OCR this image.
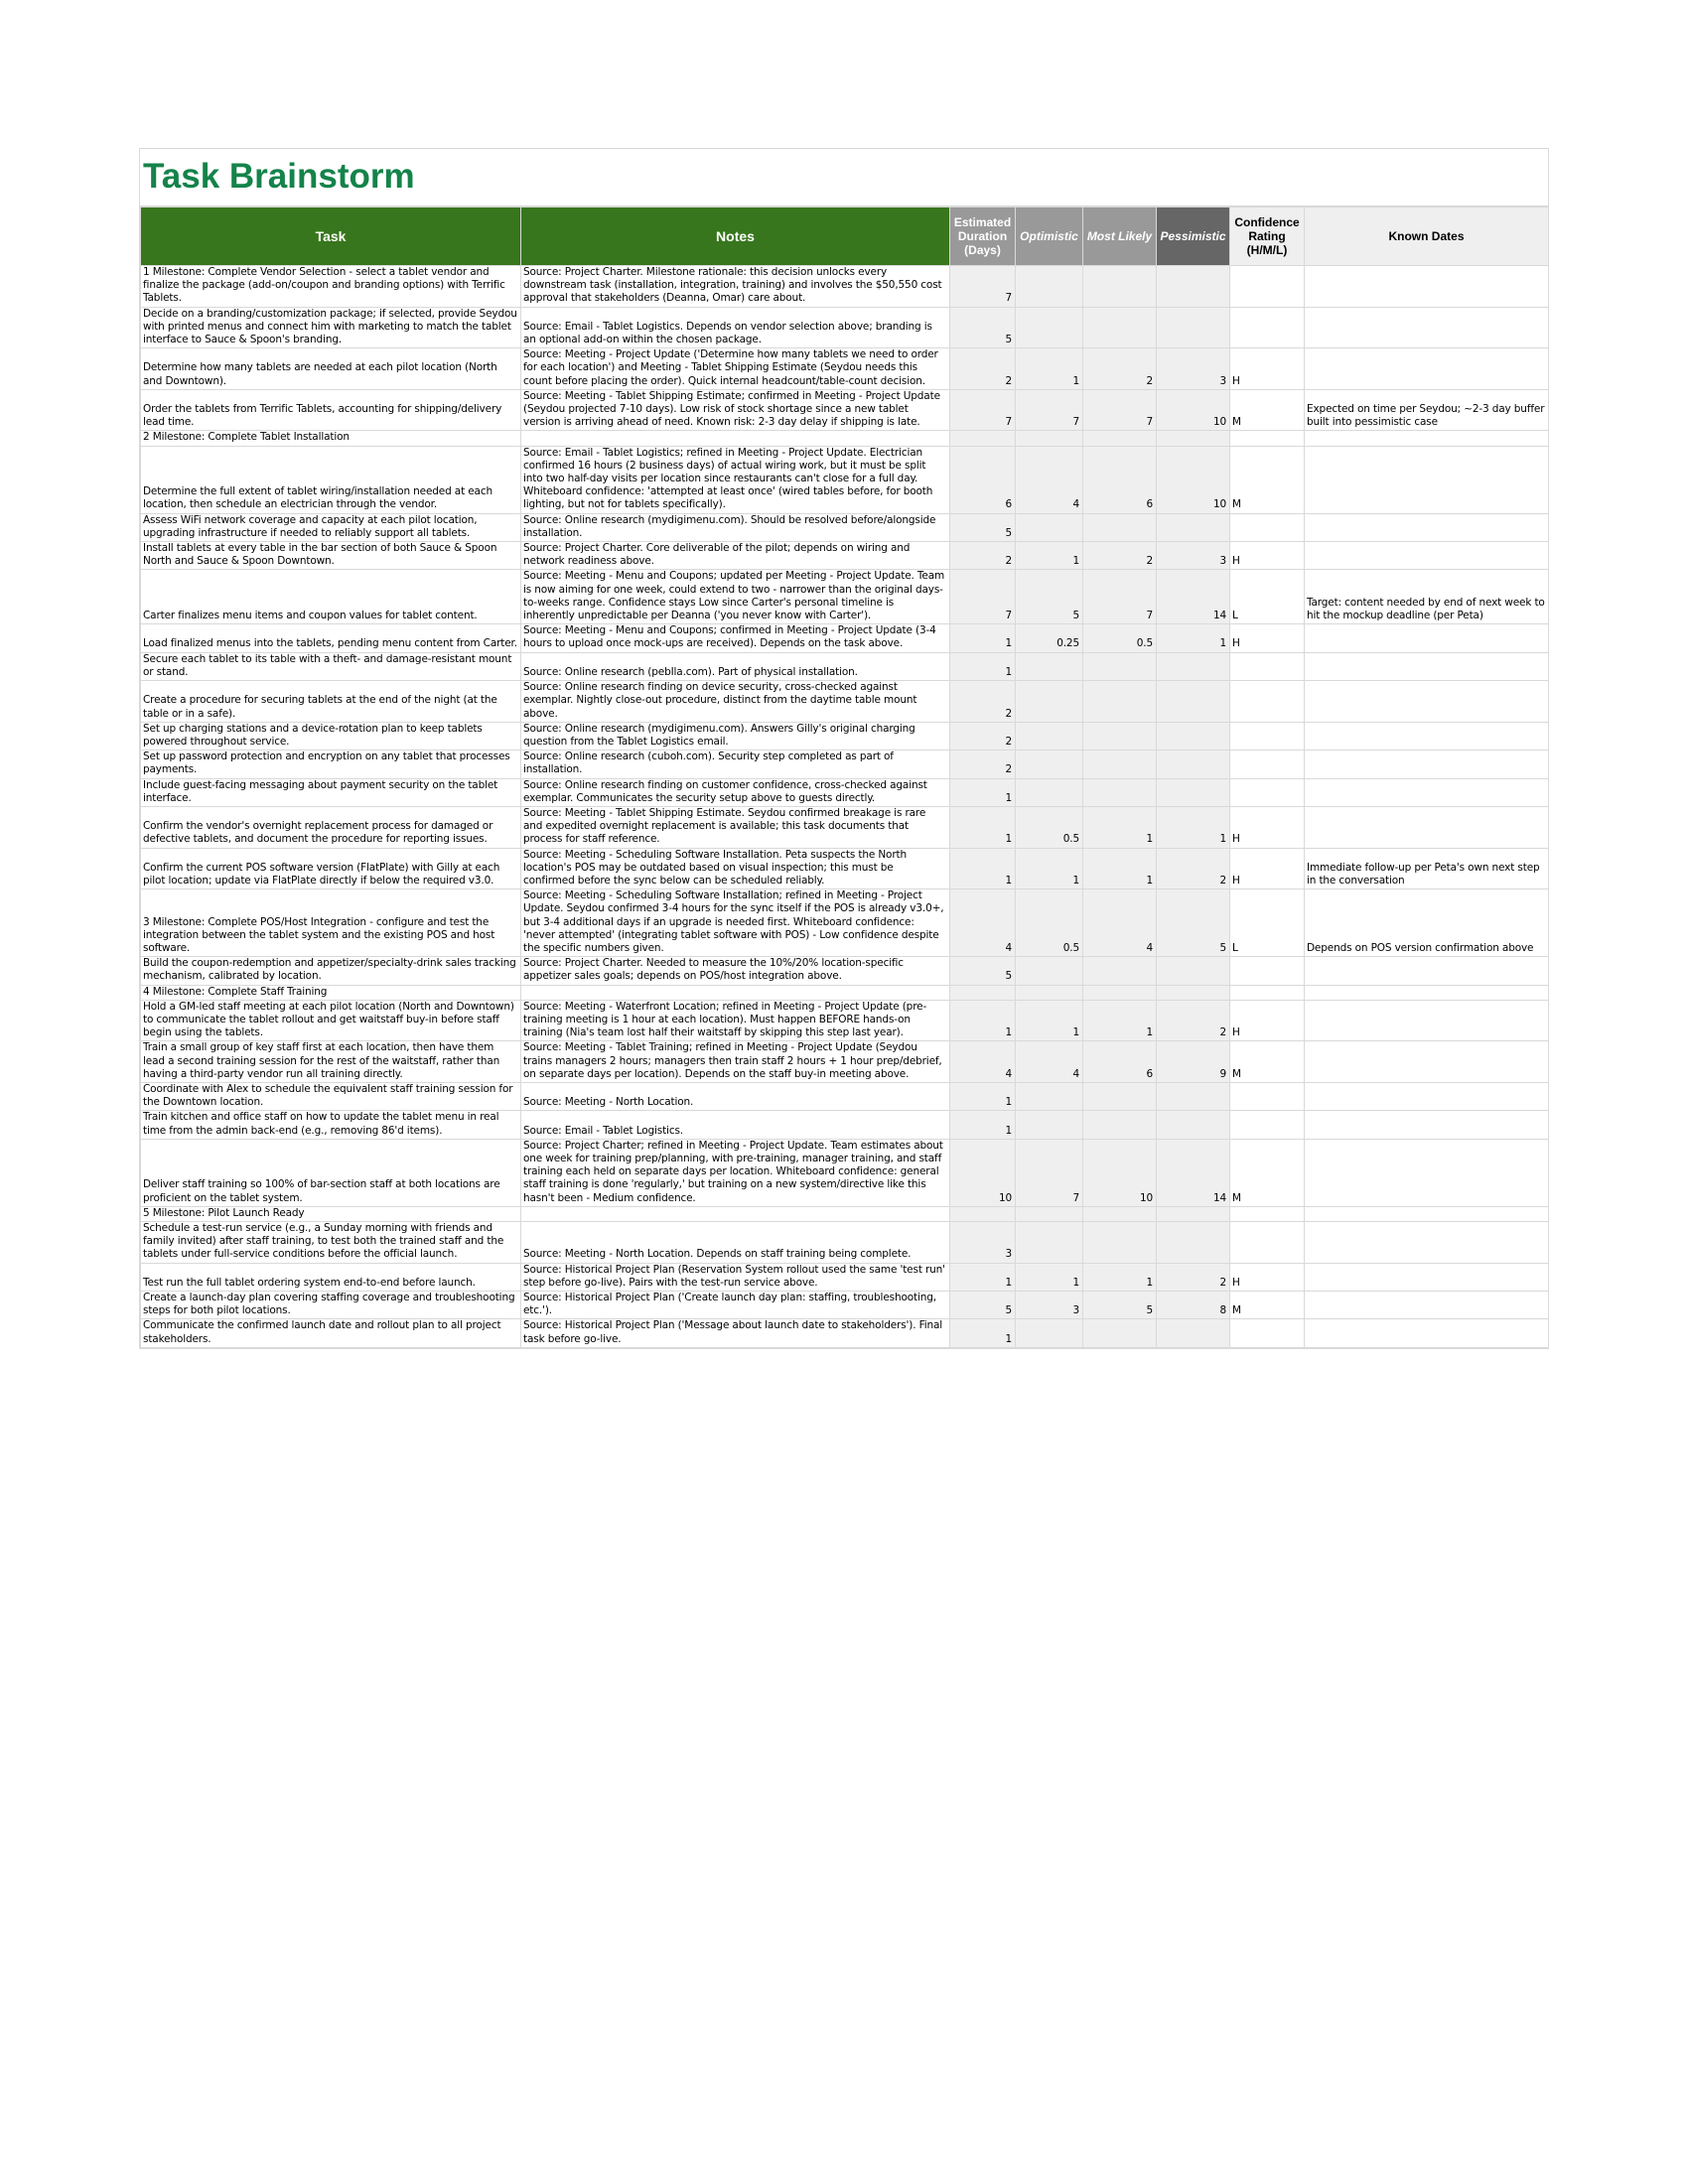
Task Brainstorm
Task	Notes	Estimated Duration (Days)	Optimistic	Most Likely	Pessimistic	Confidence Rating (H/M/L)	Known Dates
1 Milestone: Complete Vendor Selection - select a tablet vendor and finalize the package (add-on/coupon and branding options) with Terrific Tablets.	Source: Project Charter. Milestone rationale: this decision unlocks every downstream task (installation, integration, training) and involves the $50,550 cost approval that stakeholders (Deanna, Omar) care about.	7					
Decide on a branding/customization package; if selected, provide Seydou with printed menus and connect him with marketing to match the tablet interface to Sauce & Spoon's branding.	Source: Email - Tablet Logistics. Depends on vendor selection above; branding is an optional add-on within the chosen package.	5					
Determine how many tablets are needed at each pilot location (North and Downtown).	Source: Meeting - Project Update ('Determine how many tablets we need to order for each location') and Meeting - Tablet Shipping Estimate (Seydou needs this count before placing the order). Quick internal headcount/table-count decision.	2	1	2	3	H	
Order the tablets from Terrific Tablets, accounting for shipping/delivery lead time.	Source: Meeting - Tablet Shipping Estimate; confirmed in Meeting - Project Update (Seydou projected 7-10 days). Low risk of stock shortage since a new tablet version is arriving ahead of need. Known risk: 2-3 day delay if shipping is late.	7	7	7	10	M	Expected on time per Seydou; ~2-3 day buffer built into pessimistic case
2 Milestone: Complete Tablet Installation							
Determine the full extent of tablet wiring/installation needed at each location, then schedule an electrician through the vendor.	Source: Email - Tablet Logistics; refined in Meeting - Project Update. Electrician confirmed 16 hours (2 business days) of actual wiring work, but it must be split into two half-day visits per location since restaurants can't close for a full day. Whiteboard confidence: 'attempted at least once' (wired tables before, for booth lighting, but not for tablets specifically).	6	4	6	10	M	
Assess WiFi network coverage and capacity at each pilot location, upgrading infrastructure if needed to reliably support all tablets.	Source: Online research (mydigimenu.com). Should be resolved before/alongside installation.	5					
Install tablets at every table in the bar section of both Sauce & Spoon North and Sauce & Spoon Downtown.	Source: Project Charter. Core deliverable of the pilot; depends on wiring and network readiness above.	2	1	2	3	H	
Carter finalizes menu items and coupon values for tablet content.	Source: Meeting - Menu and Coupons; updated per Meeting - Project Update. Team is now aiming for one week, could extend to two - narrower than the original days-to-weeks range. Confidence stays Low since Carter's personal timeline is inherently unpredictable per Deanna ('you never know with Carter').	7	5	7	14	L	Target: content needed by end of next week to hit the mockup deadline (per Peta)
Load finalized menus into the tablets, pending menu content from Carter.	Source: Meeting - Menu and Coupons; confirmed in Meeting - Project Update (3-4 hours to upload once mock-ups are received). Depends on the task above.	1	0.25	0.5	1	H	
Secure each tablet to its table with a theft- and damage-resistant mount or stand.	Source: Online research (pebIla.com). Part of physical installation.	1					
Create a procedure for securing tablets at the end of the night (at the table or in a safe).	Source: Online research finding on device security, cross-checked against exemplar. Nightly close-out procedure, distinct from the daytime table mount above.	2					
Set up charging stations and a device-rotation plan to keep tablets powered throughout service.	Source: Online research (mydigimenu.com). Answers Gilly's original charging question from the Tablet Logistics email.	2					
Set up password protection and encryption on any tablet that processes payments.	Source: Online research (cuboh.com). Security step completed as part of installation.	2					
Include guest-facing messaging about payment security on the tablet interface.	Source: Online research finding on customer confidence, cross-checked against exemplar. Communicates the security setup above to guests directly.	1					
Confirm the vendor's overnight replacement process for damaged or defective tablets, and document the procedure for reporting issues.	Source: Meeting - Tablet Shipping Estimate. Seydou confirmed breakage is rare and expedited overnight replacement is available; this task documents that process for staff reference.	1	0.5	1	1	H	
Confirm the current POS software version (FlatPlate) with Gilly at each pilot location; update via FlatPlate directly if below the required v3.0.	Source: Meeting - Scheduling Software Installation. Peta suspects the North location's POS may be outdated based on visual inspection; this must be confirmed before the sync below can be scheduled reliably.	1	1	1	2	H	Immediate follow-up per Peta's own next step in the conversation
3 Milestone: Complete POS/Host Integration - configure and test the integration between the tablet system and the existing POS and host software.	Source: Meeting - Scheduling Software Installation; refined in Meeting - Project Update. Seydou confirmed 3-4 hours for the sync itself if the POS is already v3.0+, but 3-4 additional days if an upgrade is needed first. Whiteboard confidence: 'never attempted' (integrating tablet software with POS) - Low confidence despite the specific numbers given.	4	0.5	4	5	L	Depends on POS version confirmation above
Build the coupon-redemption and appetizer/specialty-drink sales tracking mechanism, calibrated by location.	Source: Project Charter. Needed to measure the 10%/20% location-specific appetizer sales goals; depends on POS/host integration above.	5					
4 Milestone: Complete Staff Training							
Hold a GM-led staff meeting at each pilot location (North and Downtown) to communicate the tablet rollout and get waitstaff buy-in before staff begin using the tablets.	Source: Meeting - Waterfront Location; refined in Meeting - Project Update (pre-training meeting is 1 hour at each location). Must happen BEFORE hands-on training (Nia's team lost half their waitstaff by skipping this step last year).	1	1	1	2	H	
Train a small group of key staff first at each location, then have them lead a second training session for the rest of the waitstaff, rather than having a third-party vendor run all training directly.	Source: Meeting - Tablet Training; refined in Meeting - Project Update (Seydou trains managers 2 hours; managers then train staff 2 hours + 1 hour prep/debrief, on separate days per location). Depends on the staff buy-in meeting above.	4	4	6	9	M	
Coordinate with Alex to schedule the equivalent staff training session for the Downtown location.	Source: Meeting - North Location.	1					
Train kitchen and office staff on how to update the tablet menu in real time from the admin back-end (e.g., removing 86'd items).	Source: Email - Tablet Logistics.	1					
Deliver staff training so 100% of bar-section staff at both locations are proficient on the tablet system.	Source: Project Charter; refined in Meeting - Project Update. Team estimates about one week for training prep/planning, with pre-training, manager training, and staff training each held on separate days per location. Whiteboard confidence: general staff training is done 'regularly,' but training on a new system/directive like this hasn't been - Medium confidence.	10	7	10	14	M	
5 Milestone: Pilot Launch Ready							
Schedule a test-run service (e.g., a Sunday morning with friends and family invited) after staff training, to test both the trained staff and the tablets under full-service conditions before the official launch.	Source: Meeting - North Location. Depends on staff training being complete.	3					
Test run the full tablet ordering system end-to-end before launch.	Source: Historical Project Plan (Reservation System rollout used the same 'test run' step before go-live). Pairs with the test-run service above.	1	1	1	2	H	
Create a launch-day plan covering staffing coverage and troubleshooting steps for both pilot locations.	Source: Historical Project Plan ('Create launch day plan: staffing, troubleshooting, etc.').	5	3	5	8	M	
Communicate the confirmed launch date and rollout plan to all project stakeholders.	Source: Historical Project Plan ('Message about launch date to stakeholders'). Final task before go-live.	1					
